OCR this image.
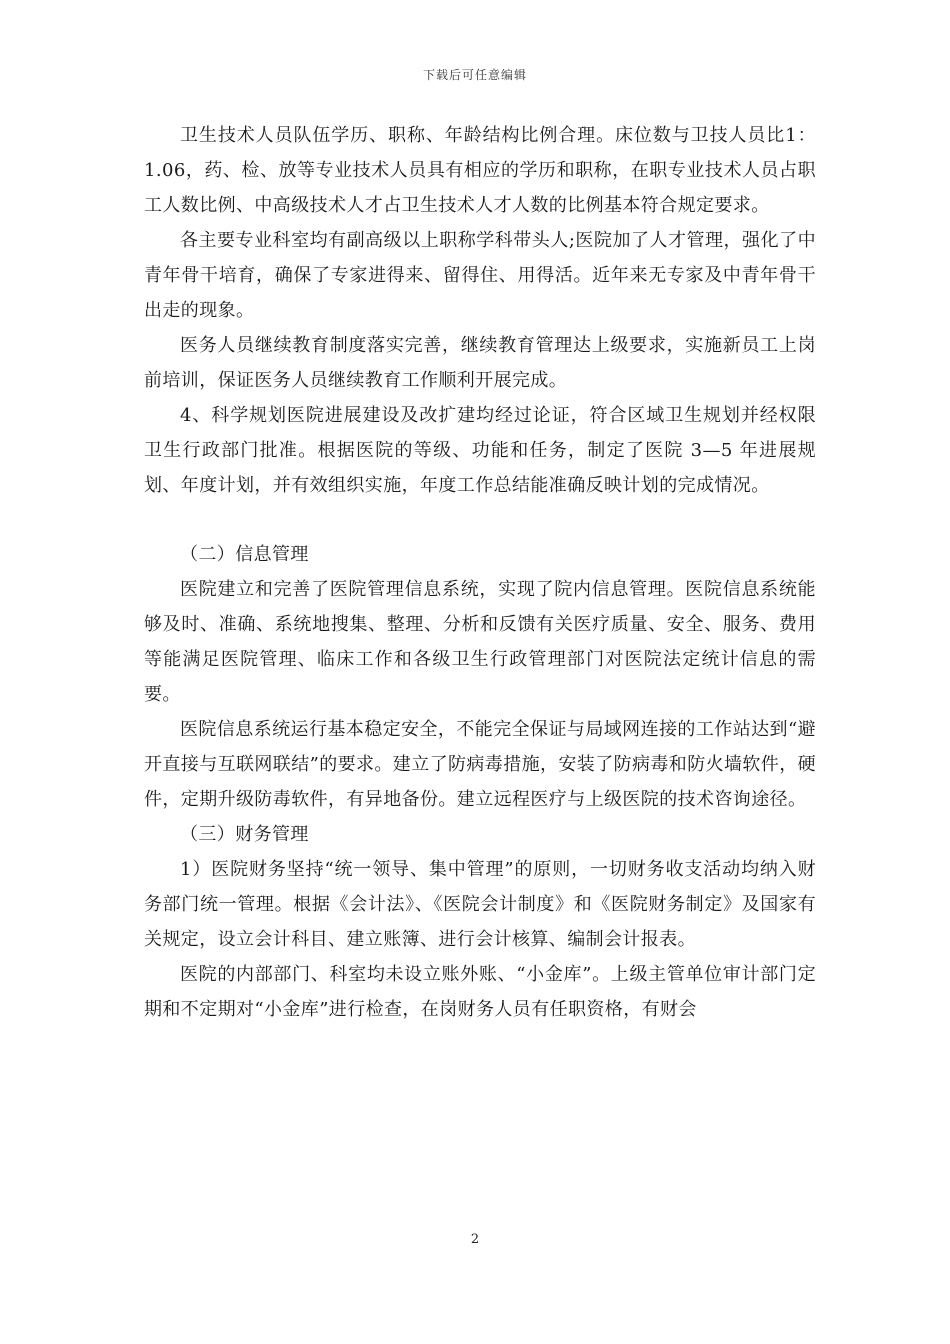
下载后可任意编辑

卫生技术人员队伍学历、职称、年龄结构比例合理。床位数与卫技人员比1：1.06，药、检、放等专业技术人员具有相应的学历和职称，在职专业技术人员占职工人数比例、中高级技术人才占卫生技术人才人数的比例基本符合规定要求。

各主要专业科室均有副高级以上职称学科带头人;医院加了人才管理，强化了中青年骨干培育，确保了专家进得来、留得住、用得活。近年来无专家及中青年骨干出走的现象。

医务人员继续教育制度落实完善，继续教育管理达上级要求，实施新员工上岗前培训，保证医务人员继续教育工作顺利开展完成。

4、科学规划医院进展建设及改扩建均经过论证，符合区域卫生规划并经权限卫生行政部门批准。根据医院的等级、功能和任务，制定了医院 3—5 年进展规划、年度计划，并有效组织实施，年度工作总结能准确反映计划的完成情况。

（二）信息管理

医院建立和完善了医院管理信息系统，实现了院内信息管理。医院信息系统能够及时、准确、系统地搜集、整理、分析和反馈有关医疗质量、安全、服务、费用等能满足医院管理、临床工作和各级卫生行政管理部门对医院法定统计信息的需要。

医院信息系统运行基本稳定安全，不能完全保证与局域网连接的工作站达到“避开直接与互联网联结”的要求。建立了防病毒措施，安装了防病毒和防火墙软件，硬件，定期升级防毒软件，有异地备份。建立远程医疗与上级医院的技术咨询途径。

（三）财务管理

1）医院财务坚持“统一领导、集中管理”的原则，一切财务收支活动均纳入财务部门统一管理。根据《会计法》、《医院会计制度》和《医院财务制定》及国家有关规定，设立会计科目、建立账簿、进行会计核算、编制会计报表。

医院的内部部门、科室均未设立账外账、“小金库”。上级主管单位审计部门定期和不定期对“小金库”进行检查，在岗财务人员有任职资格，有财会

2
